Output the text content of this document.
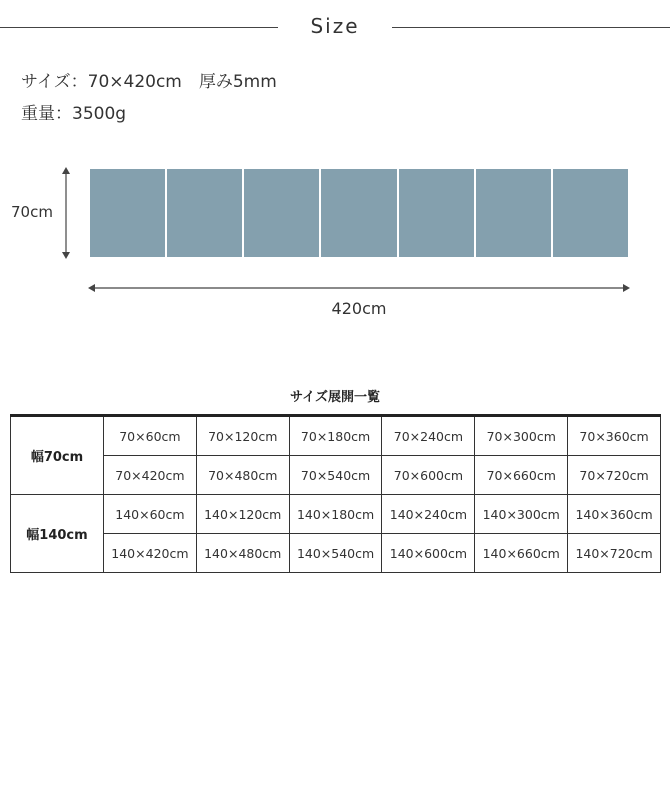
Size
サイズ：70×420cm　厚み5mm
重量：3500g
70cm
420cm
サイズ展開一覧
幅70cm	70×60cm	70×120cm	70×180cm	70×240cm	70×300cm	70×360cm
	70×420cm	70×480cm	70×540cm	70×600cm	70×660cm	70×720cm
幅140cm	140×60cm	140×120cm	140×180cm	140×240cm	140×300cm	140×360cm
	140×420cm	140×480cm	140×540cm	140×600cm	140×660cm	140×720cm
